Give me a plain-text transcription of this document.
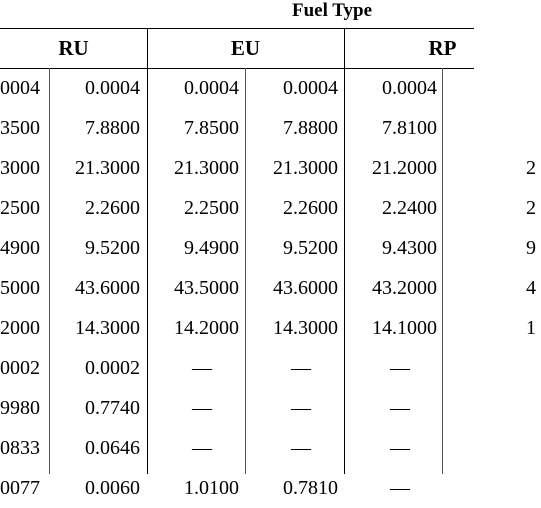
Fuel Type
RU	EU	RP
0004	0.0004	0.0004	0.0004	0.0004
3500	7.8800	7.8500	7.8800	7.8100
3000	21.3000	21.3000	21.3000	21.2000	2
2500	2.2600	2.2500	2.2600	2.2400	2
4900	9.5200	9.4900	9.5200	9.4300	9
5000	43.6000	43.5000	43.6000	43.2000	4
2000	14.3000	14.2000	14.3000	14.1000	1
0002	0.0002	—	—	—
9980	0.7740	—	—	—
0833	0.0646	—	—	—
0077	0.0060	1.0100	0.7810	—
